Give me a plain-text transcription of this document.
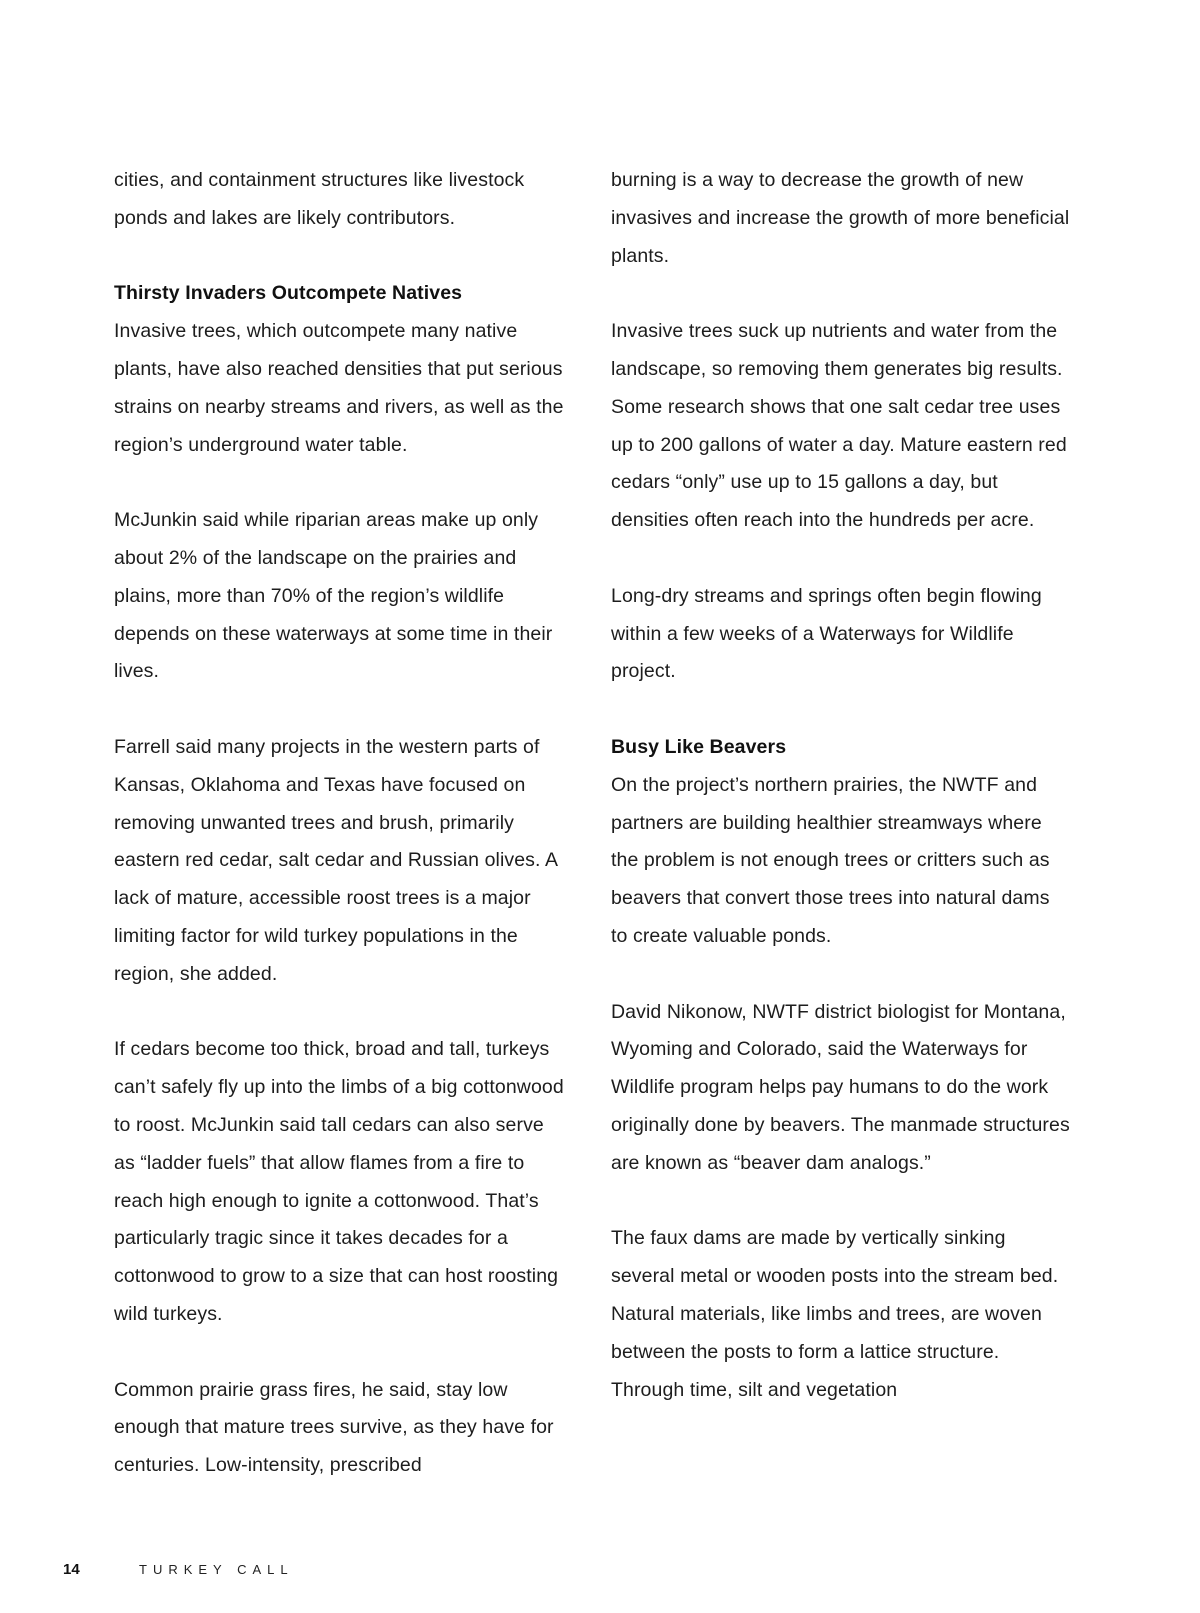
cities, and containment structures like livestock ponds and lakes are likely contributors.

Thirsty Invaders Outcompete Natives

Invasive trees, which outcompete many native plants, have also reached densities that put serious strains on nearby streams and rivers, as well as the region’s underground water table.

McJunkin said while riparian areas make up only about 2% of the landscape on the prairies and plains, more than 70% of the region’s wildlife depends on these waterways at some time in their lives.

Farrell said many projects in the western parts of Kansas, Oklahoma and Texas have focused on removing unwanted trees and brush, primarily eastern red cedar, salt cedar and Russian olives. A lack of mature, accessible roost trees is a major limiting factor for wild turkey populations in the region, she added.

If cedars become too thick, broad and tall, turkeys can’t safely fly up into the limbs of a big cottonwood to roost. McJunkin said tall cedars can also serve as “ladder fuels” that allow flames from a fire to reach high enough to ignite a cottonwood. That’s particularly tragic since it takes decades for a cottonwood to grow to a size that can host roosting wild turkeys.

Common prairie grass fires, he said, stay low enough that mature trees survive, as they have for centuries. Low-intensity, prescribed

burning is a way to decrease the growth of new invasives and increase the growth of more beneficial plants.

Invasive trees suck up nutrients and water from the landscape, so removing them generates big results. Some research shows that one salt cedar tree uses up to 200 gallons of water a day. Mature eastern red cedars “only” use up to 15 gallons a day, but densities often reach into the hundreds per acre.

Long-dry streams and springs often begin flowing within a few weeks of a Waterways for Wildlife project.

Busy Like Beavers

On the project’s northern prairies, the NWTF and partners are building healthier streamways where the problem is not enough trees or critters such as beavers that convert those trees into natural dams to create valuable ponds.

David Nikonow, NWTF district biologist for Montana, Wyoming and Colorado, said the Waterways for Wildlife program helps pay humans to do the work originally done by beavers. The manmade structures are known as “beaver dam analogs.”

The faux dams are made by vertically sinking several metal or wooden posts into the stream bed. Natural materials, like limbs and trees, are woven between the posts to form a lattice structure. Through time, silt and vegetation

14	TURKEY CALL
